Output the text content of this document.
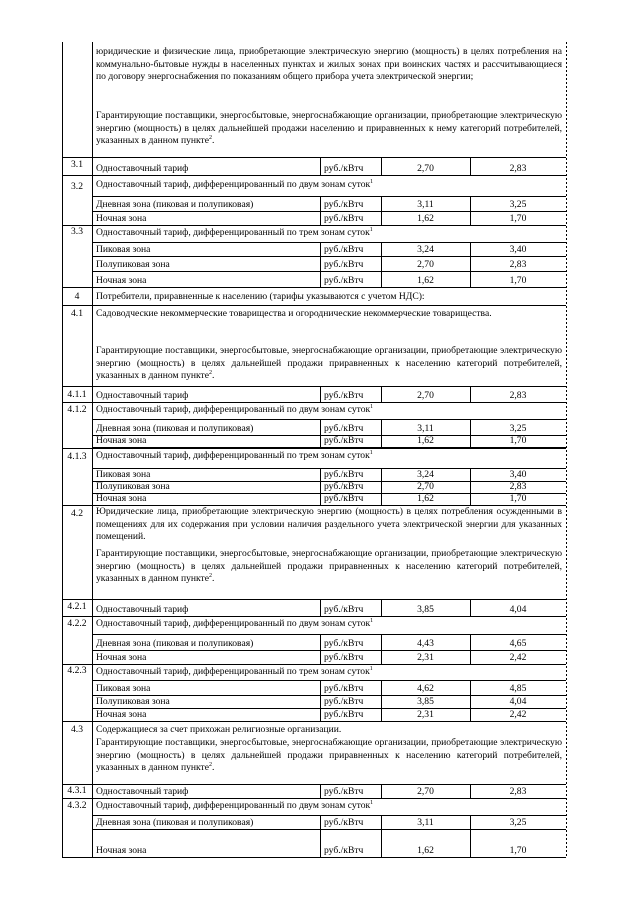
юридические и физические лица, приобретающие электрическую энергию (мощность) в целях потребления на коммунально-бытовые нужды в населенных пунктах и жилых зонах при воинских частях и рассчитывающиеся по договору энергоснабжения по показаниям общего прибора учета электрической энергии;
Гарантирующие поставщики, энергосбытовые, энергоснабжающие организации, приобретающие электрическую энергию (мощность) в целях дальнейшей продажи населению и приравненных к нему категорий потребителей, указанных в данном пункте$^2$.
3.1	Одноставочный тариф	руб./кВтч	2,70	2,83
3.2	Одноставочный тариф, дифференцированный по двум зонам суток$^1$
Дневная зона (пиковая и полупиковая)	руб./кВтч	3,11	3,25
Ночная зона	руб./кВтч	1,62	1,70
3.3	Одноставочный тариф, дифференцированный по трем зонам суток$^1$
Пиковая зона	руб./кВтч	3,24	3,40
Полупиковая зона	руб./кВтч	2,70	2,83
Ночная зона	руб./кВтч	1,62	1,70
4	Потребители, приравненные к населению (тарифы указываются с учетом НДС):
4.1	Садоводческие некоммерческие товарищества и огороднические некоммерческие товарищества.
Гарантирующие поставщики, энергосбытовые, энергоснабжающие организации, приобретающие электрическую энергию (мощность) в целях дальнейшей продажи приравненных к населению категорий потребителей, указанных в данном пункте$^2$.
4.1.1 Одноставочный тариф	руб./кВтч	2,70	2,83
4.1.2 Одноставочный тариф, дифференцированный по двум зонам суток$^1$
Дневная зона (пиковая и полупиковая)	руб./кВтч	3,11	3,25
Ночная зона	руб./кВтч	1,62	1,70
4.1.3 Одноставочный тариф, дифференцированный по трем зонам суток$^1$
Пиковая зона	руб./кВтч	3,24	3,40
Полупиковая зона	руб./кВтч	2,70	2,83
Ночная зона	руб./кВтч	1,62	1,70
4.2	Юридические лица, приобретающие электрическую энергию (мощность) в целях потребления осужденными в помещениях для их содержания при условии наличия раздельного учета электрической энергии для указанных помещений.
Гарантирующие поставщики, энергосбытовые, энергоснабжающие организации, приобретающие электрическую энергию (мощность) в целях дальнейшей продажи приравненных к населению категорий потребителей, указанных в данном пункте$^2$.
4.2.1 Одноставочный тариф	руб./кВтч	3,85	4,04
4.2.2 Одноставочный тариф, дифференцированный по двум зонам суток$^1$
Дневная зона (пиковая и полупиковая)	руб./кВтч	4,43	4,65
Ночная зона	руб./кВтч	2,31	2,42
4.2.3 Одноставочный тариф, дифференцированный по трем зонам суток$^1$
Пиковая зона	руб./кВтч	4,62	4,85
Полупиковая зона	руб./кВтч	3,85	4,04
Ночная зона	руб./кВтч	2,31	2,42
4.3	Содержащиеся за счет прихожан религиозные организации.
Гарантирующие поставщики, энергосбытовые, энергоснабжающие организации, приобретающие электрическую энергию (мощность) в целях дальнейшей продажи приравненных к населению категорий потребителей, указанных в данном пункте$^2$.
4.3.1 Одноставочный тариф	руб./кВтч	2,70	2,83
4.3.2 Одноставочный тариф, дифференцированный по двум зонам суток$^1$
Дневная зона (пиковая и полупиковая)	руб./кВтч	3,11	3,25
Ночная зона	руб./кВтч	1,62	1,70
